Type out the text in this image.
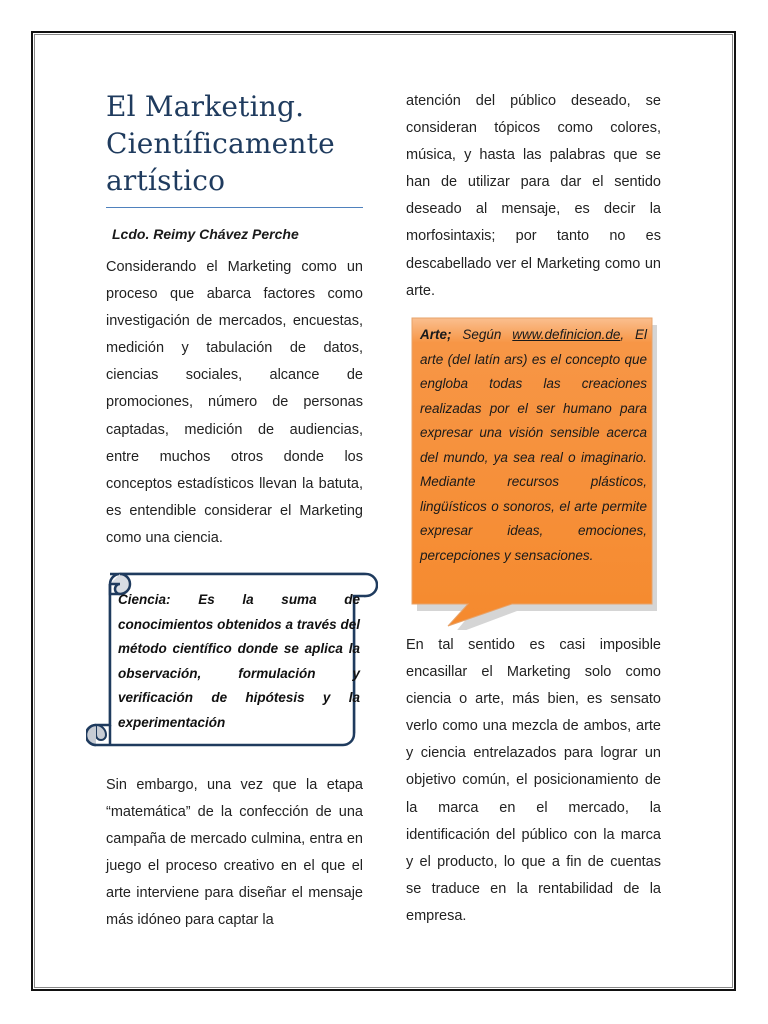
El Marketing.
Científicamente
artístico
Lcdo. Reimy Chávez Perche

Considerando el Marketing como un proceso que abarca factores como investigación de mercados, encuestas, medición y tabulación de datos, ciencias sociales, alcance de promociones, número de personas captadas, medición de audiencias, entre muchos otros donde los conceptos estadísticos llevan la batuta, es entendible considerar el Marketing como una ciencia.

Ciencia: Es la suma de conocimientos obtenidos a través del método científico donde se aplica la observación, formulación y verificación de hipótesis y la experimentación

Sin embargo, una vez que la etapa “matemática” de la confección de una campaña de mercado culmina, entra en juego el proceso creativo en el que el arte interviene para diseñar el mensaje más idóneo para captar la

atención del público deseado, se consideran tópicos como colores, música, y hasta las palabras que se han de utilizar para dar el sentido deseado al mensaje, es decir la morfosintaxis; por tanto no es descabellado ver el Marketing como un arte.

Arte; Según www.definicion.de, El arte (del latín ars) es el concepto que engloba todas las creaciones realizadas por el ser humano para expresar una visión sensible acerca del mundo, ya sea real o imaginario. Mediante recursos plásticos, lingüísticos o sonoros, el arte permite expresar ideas, emociones, percepciones y sensaciones.

En tal sentido es casi imposible encasillar el Marketing solo como ciencia o arte, más bien, es sensato verlo como una mezcla de ambos, arte y ciencia entrelazados para lograr un objetivo común, el posicionamiento de la marca en el mercado, la identificación del público con la marca y el producto, lo que a fin de cuentas se traduce en la rentabilidad de la empresa.
